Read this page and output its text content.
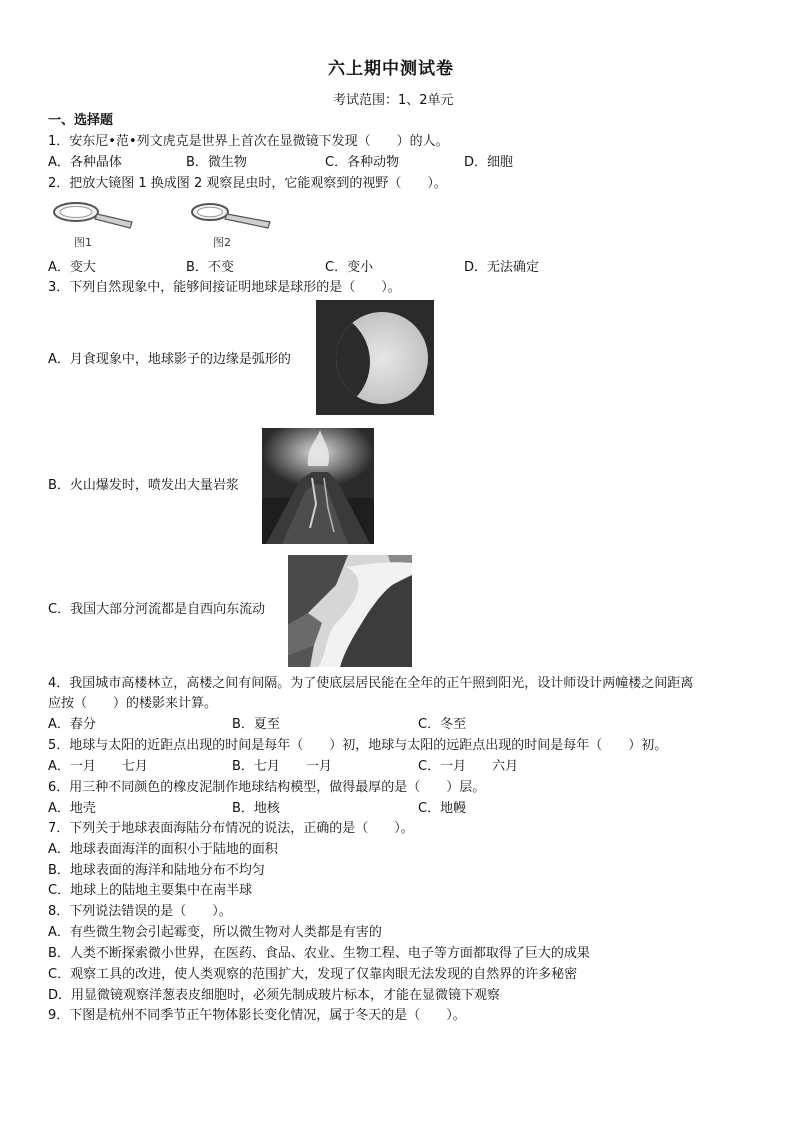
六上期中测试卷
考试范围：1、2单元
一、选择题
1．安东尼•范•列文虎克是世界上首次在显微镜下发现（　　）的人。
A．各种晶体	B．微生物	C．各种动物	D．细胞
2．把放大镜图 1 换成图 2 观察昆虫时，它能观察到的视野（　　）。
图1	图2
A．变大	B．不变	C．变小	D．无法确定
3．下列自然现象中，能够间接证明地球是球形的是（　　）。
A．月食现象中，地球影子的边缘是弧形的
B．火山爆发时，喷发出大量岩浆
C．我国大部分河流都是自西向东流动
4．我国城市高楼林立，高楼之间有间隔。为了使底层居民能在全年的正午照到阳光，设计师设计两幢楼之间距离
应按（　　）的楼影来计算。
A．春分	B．夏至	C．冬至
5．地球与太阳的近距点出现的时间是每年（　　）初，地球与太阳的远距点出现的时间是每年（　　）初。
A．一月　　七月	B．七月　　一月	C．一月　　六月
6．用三种不同颜色的橡皮泥制作地球结构模型，做得最厚的是（　　）层。
A．地壳	B．地核	C．地幔
7．下列关于地球表面海陆分布情况的说法，正确的是（　　）。
A．地球表面海洋的面积小于陆地的面积
B．地球表面的海洋和陆地分布不均匀
C．地球上的陆地主要集中在南半球
8．下列说法错误的是（　　）。
A．有些微生物会引起霉变，所以微生物对人类都是有害的
B．人类不断探索微小世界，在医药、食品、农业、生物工程、电子等方面都取得了巨大的成果
C．观察工具的改进，使人类观察的范围扩大，发现了仅靠肉眼无法发现的自然界的许多秘密
D．用显微镜观察洋葱表皮细胞时，必须先制成玻片标本，才能在显微镜下观察
9．下图是杭州不同季节正午物体影长变化情况，属于冬天的是（　　）。
